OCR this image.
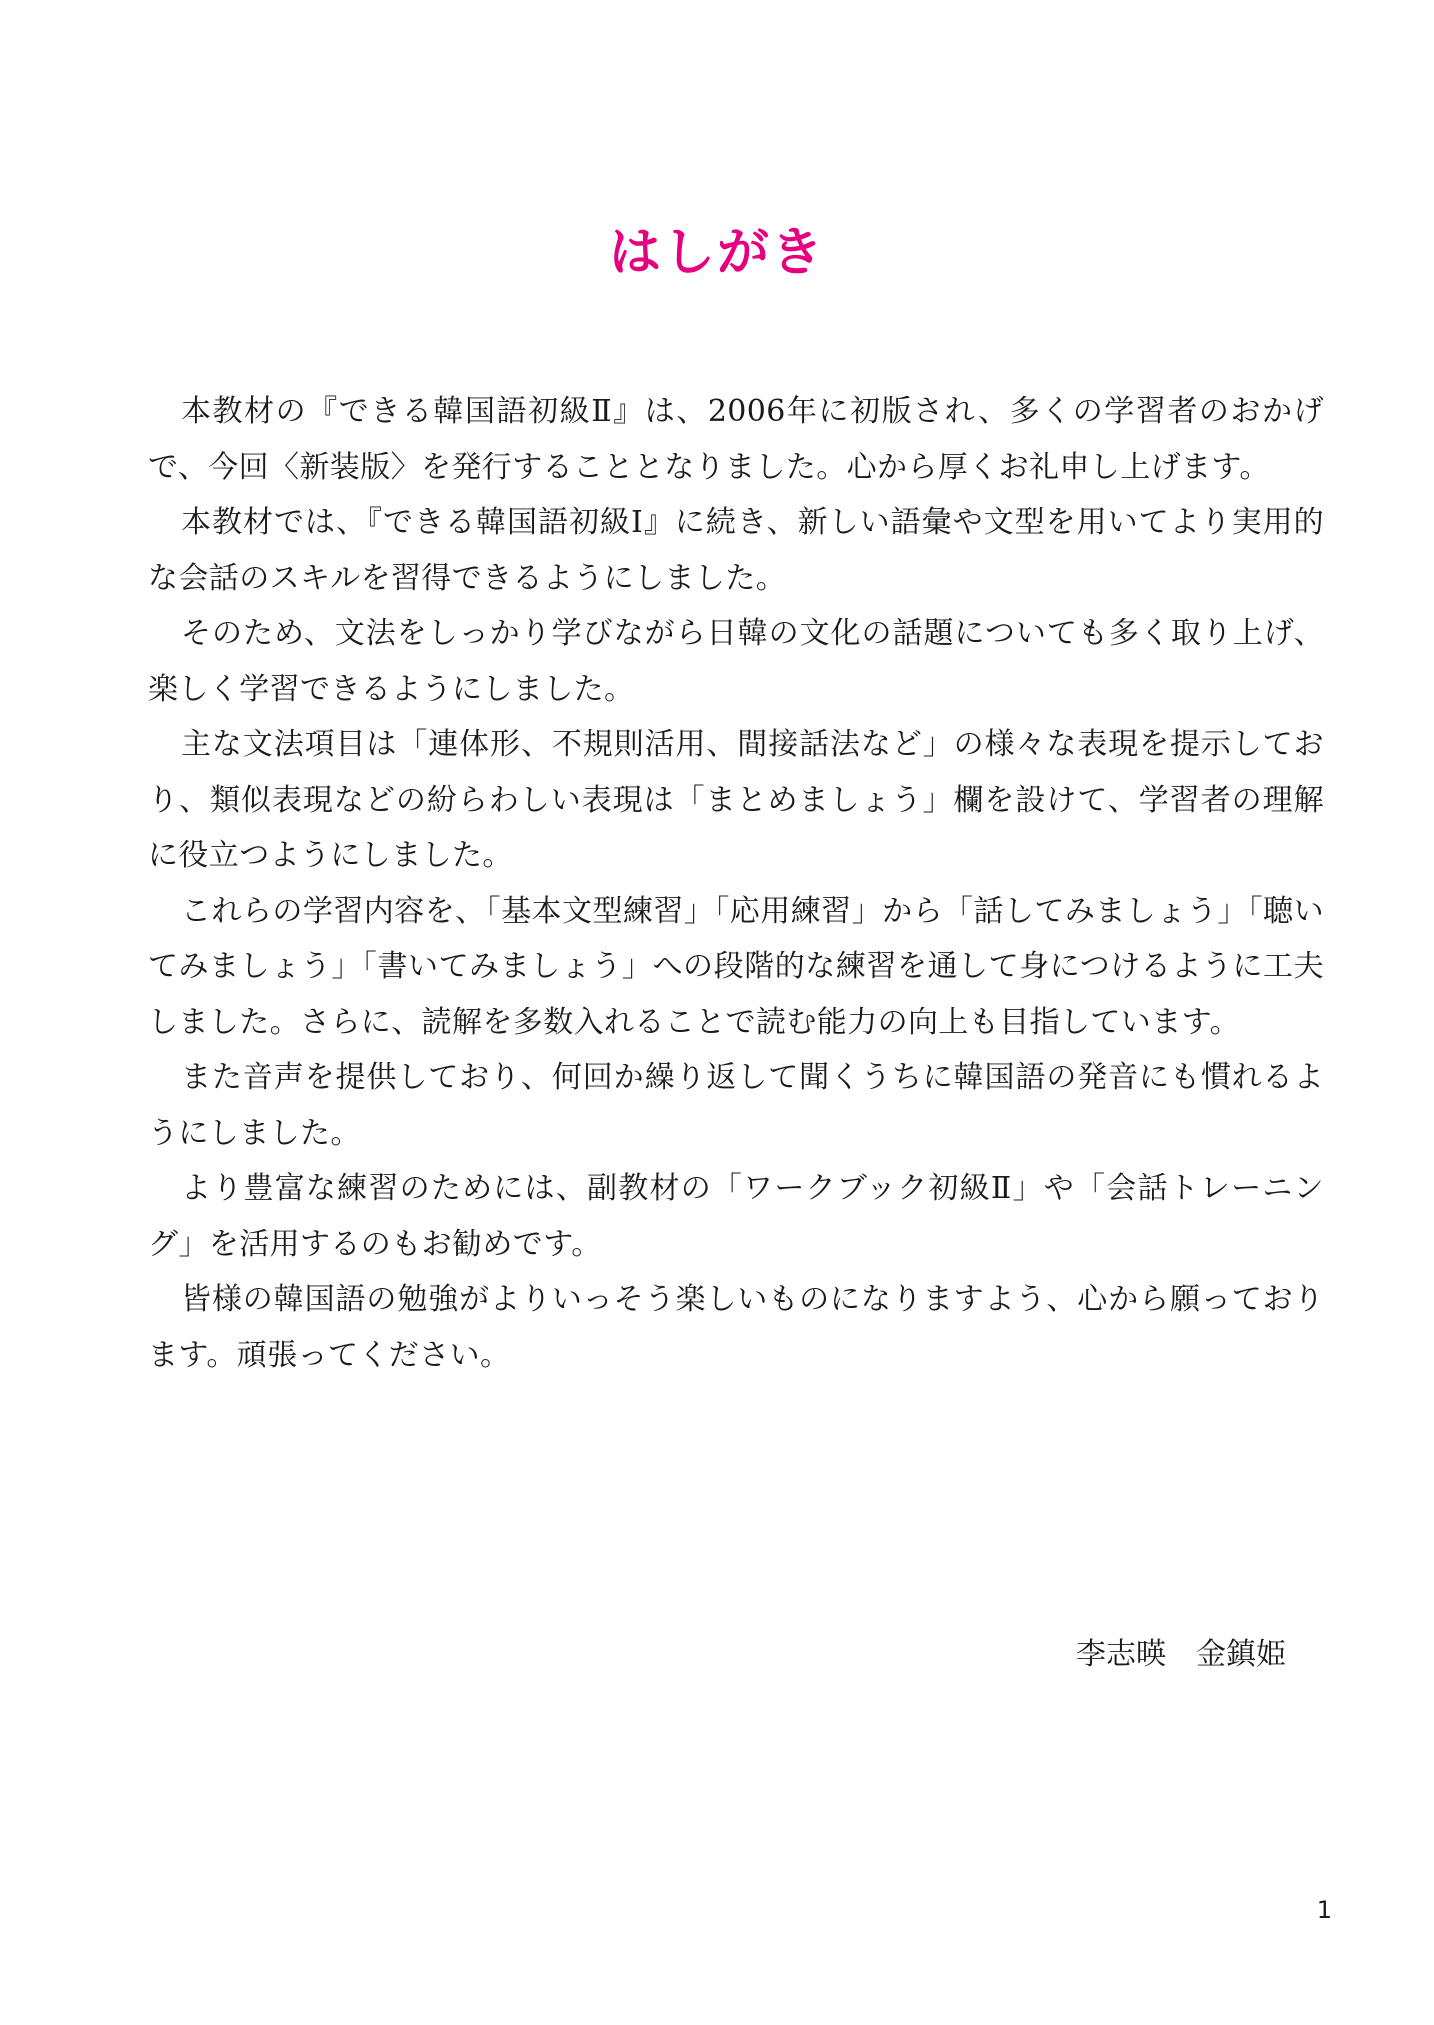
はしがき

本教材の『できる韓国語初級Ⅱ』は、2006年に初版され、多くの学習者のおかげで、今回〈新装版〉を発行することとなりました。心から厚くお礼申し上げます。

本教材では、『できる韓国語初級Ⅰ』に続き、新しい語彙や文型を用いてより実用的な会話のスキルを習得できるようにしました。

そのため、文法をしっかり学びながら日韓の文化の話題についても多く取り上げ、楽しく学習できるようにしました。

主な文法項目は「連体形、不規則活用、間接話法など」の様々な表現を提示しており、類似表現などの紛らわしい表現は「まとめましょう」欄を設けて、学習者の理解に役立つようにしました。

これらの学習内容を、「基本文型練習」「応用練習」から「話してみましょう」「聴いてみましょう」「書いてみましょう」への段階的な練習を通して身につけるように工夫しました。さらに、読解を多数入れることで読む能力の向上も目指しています。

また音声を提供しており、何回か繰り返して聞くうちに韓国語の発音にも慣れるようにしました。

より豊富な練習のためには、副教材の「ワークブック初級Ⅱ」や「会話トレーニング」を活用するのもお勧めです。

皆様の韓国語の勉強がよりいっそう楽しいものになりますよう、心から願っております。頑張ってください。

李志暎　金鎮姫
1
